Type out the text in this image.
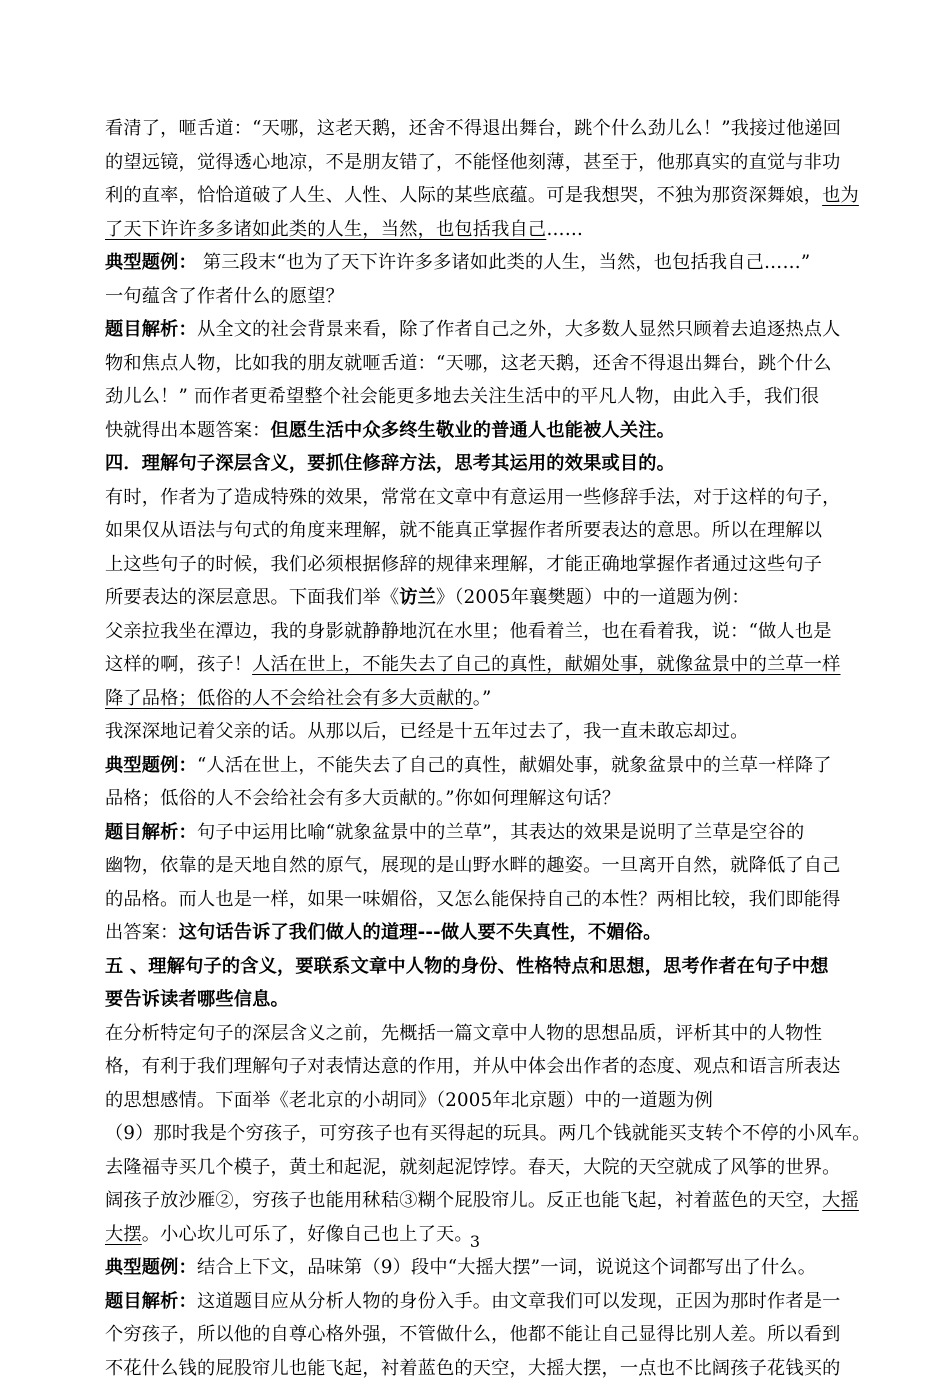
看清了，咂舌道：“天哪，这老天鹅，还舍不得退出舞台，跳个什么劲儿么！”我接过他递回
的望远镜，觉得透心地凉，不是朋友错了，不能怪他刻薄，甚至于，他那真实的直觉与非功
利的直率，恰恰道破了人生、人性、人际的某些底蕴。可是我想哭，不独为那资深舞娘，也为
了天下许许多多诸如此类的人生，当然，也包括我自己……
典型题例： 第三段末“也为了天下许许多多诸如此类的人生，当然，也包括我自己……”
一句蕴含了作者什么的愿望？
题目解析：从全文的社会背景来看，除了作者自己之外，大多数人显然只顾着去追逐热点人
物和焦点人物，比如我的朋友就咂舌道：“天哪，这老天鹅，还舍不得退出舞台，跳个什么
劲儿么！” 而作者更希望整个社会能更多地去关注生活中的平凡人物，由此入手，我们很
快就得出本题答案：但愿生活中众多终生敬业的普通人也能被人关注。
四．理解句子深层含义，要抓住修辞方法，思考其运用的效果或目的。
有时，作者为了造成特殊的效果，常常在文章中有意运用一些修辞手法，对于这样的句子，
如果仅从语法与句式的角度来理解，就不能真正掌握作者所要表达的意思。所以在理解以
上这些句子的时候，我们必须根据修辞的规律来理解，才能正确地掌握作者通过这些句子
所要表达的深层意思。下面我们举《访兰》（2005年襄樊题）中的一道题为例：
父亲拉我坐在潭边，我的身影就静静地沉在水里；他看着兰，也在看着我，说：“做人也是
这样的啊，孩子！人活在世上，不能失去了自己的真性，献媚处事，就像盆景中的兰草一样
降了品格；低俗的人不会给社会有多大贡献的。”
我深深地记着父亲的话。从那以后，已经是十五年过去了，我一直未敢忘却过。
典型题例：“人活在世上，不能失去了自己的真性，献媚处事，就象盆景中的兰草一样降了
品格；低俗的人不会给社会有多大贡献的。”你如何理解这句话？
题目解析：句子中运用比喻“就象盆景中的兰草”，其表达的效果是说明了兰草是空谷的
幽物，依靠的是天地自然的原气，展现的是山野水畔的趣姿。一旦离开自然，就降低了自己
的品格。而人也是一样，如果一味媚俗，又怎么能保持自己的本性？两相比较，我们即能得
出答案：这句话告诉了我们做人的道理---做人要不失真性，不媚俗。
五 、理解句子的含义，要联系文章中人物的身份、性格特点和思想，思考作者在句子中想
要告诉读者哪些信息。
在分析特定句子的深层含义之前，先概括一篇文章中人物的思想品质，评析其中的人物性
格，有利于我们理解句子对表情达意的作用，并从中体会出作者的态度、观点和语言所表达
的思想感情。下面举《老北京的小胡同》（2005年北京题）中的一道题为例
（9）那时我是个穷孩子，可穷孩子也有买得起的玩具。两几个钱就能买支转个不停的小风车。
去隆福寺买几个模子，黄土和起泥，就刻起泥饽饽。春天，大院的天空就成了风筝的世界。
阔孩子放沙雁②，穷孩子也能用秫秸③糊个屁股帘儿。反正也能飞起，衬着蓝色的天空，大摇
大摆。小心坎儿可乐了，好像自己也上了天。
典型题例：结合上下文，品味第（9）段中“大摇大摆”一词，说说这个词都写出了什么。
题目解析：这道题目应从分析人物的身份入手。由文章我们可以发现，正因为那时作者是一
个穷孩子，所以他的自尊心格外强，不管做什么，他都不能让自己显得比别人差。所以看到
不花什么钱的屁股帘儿也能飞起，衬着蓝色的天空，大摇大摆，一点也不比阔孩子花钱买的
3
